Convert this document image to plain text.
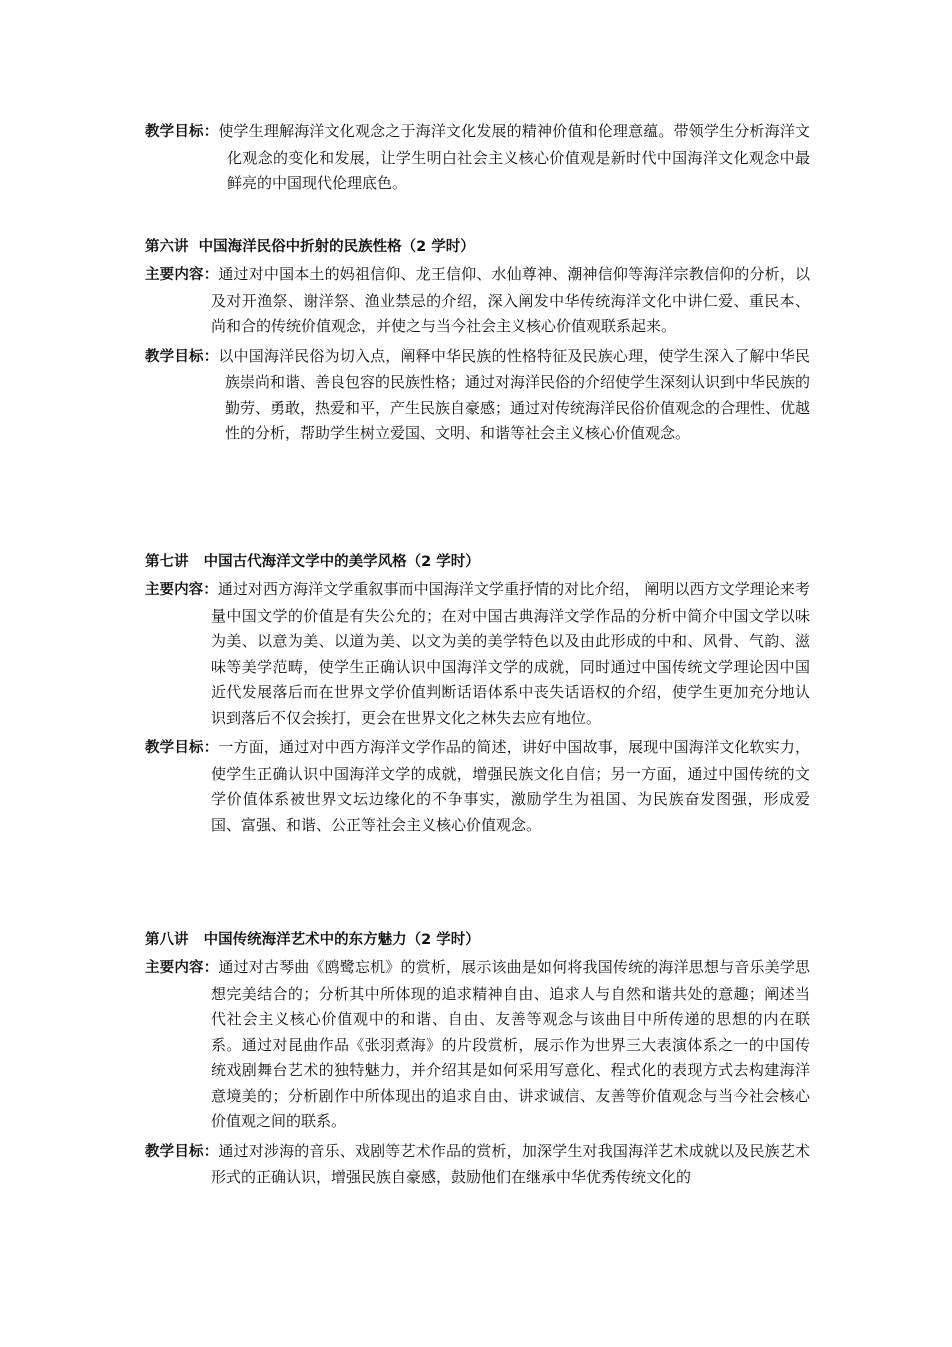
教学目标：使学生理解海洋文化观念之于海洋文化发展的精神价值和伦理意蕴。带领学生分析海洋文化观念的变化和发展，让学生明白社会主义核心价值观是新时代中国海洋文化观念中最鲜亮的中国现代伦理底色。

第六讲  中国海洋民俗中折射的民族性格（2 学时）

主要内容：通过对中国本土的妈祖信仰、龙王信仰、水仙尊神、潮神信仰等海洋宗教信仰的分析，以及对开渔祭、谢洋祭、渔业禁忌的介绍，深入阐发中华传统海洋文化中讲仁爱、重民本、尚和合的传统价值观念，并使之与当今社会主义核心价值观联系起来。

教学目标：以中国海洋民俗为切入点，阐释中华民族的性格特征及民族心理，使学生深入了解中华民族崇尚和谐、善良包容的民族性格；通过对海洋民俗的介绍使学生深刻认识到中华民族的勤劳、勇敢，热爱和平，产生民族自豪感；通过对传统海洋民俗价值观念的合理性、优越性的分析，帮助学生树立爱国、文明、和谐等社会主义核心价值观念。

第七讲   中国古代海洋文学中的美学风格（2 学时）

主要内容：通过对西方海洋文学重叙事而中国海洋文学重抒情的对比介绍， 阐明以西方文学理论来考量中国文学的价值是有失公允的；在对中国古典海洋文学作品的分析中简介中国文学以味为美、以意为美、以道为美、以文为美的美学特色以及由此形成的中和、风骨、气韵、滋味等美学范畴，使学生正确认识中国海洋文学的成就，同时通过中国传统文学理论因中国近代发展落后而在世界文学价值判断话语体系中丧失话语权的介绍，使学生更加充分地认识到落后不仅会挨打，更会在世界文化之林失去应有地位。

教学目标：一方面，通过对中西方海洋文学作品的简述，讲好中国故事，展现中国海洋文化软实力，使学生正确认识中国海洋文学的成就，增强民族文化自信；另一方面，通过中国传统的文学价值体系被世界文坛边缘化的不争事实，激励学生为祖国、为民族奋发图强，形成爱国、富强、和谐、公正等社会主义核心价值观念。

第八讲   中国传统海洋艺术中的东方魅力（2 学时）

主要内容：通过对古琴曲《鸥鹭忘机》的赏析，展示该曲是如何将我国传统的海洋思想与音乐美学思想完美结合的；分析其中所体现的追求精神自由、追求人与自然和谐共处的意趣；阐述当代社会主义核心价值观中的和谐、自由、友善等观念与该曲目中所传递的思想的内在联系。通过对昆曲作品《张羽煮海》的片段赏析，展示作为世界三大表演体系之一的中国传统戏剧舞台艺术的独特魅力，并介绍其是如何采用写意化、程式化的表现方式去构建海洋意境美的；分析剧作中所体现出的追求自由、讲求诚信、友善等价值观念与当今社会核心价值观之间的联系。

教学目标：通过对涉海的音乐、戏剧等艺术作品的赏析，加深学生对我国海洋艺术成就以及民族艺术形式的正确认识，增强民族自豪感，鼓励他们在继承中华优秀传统文化的
